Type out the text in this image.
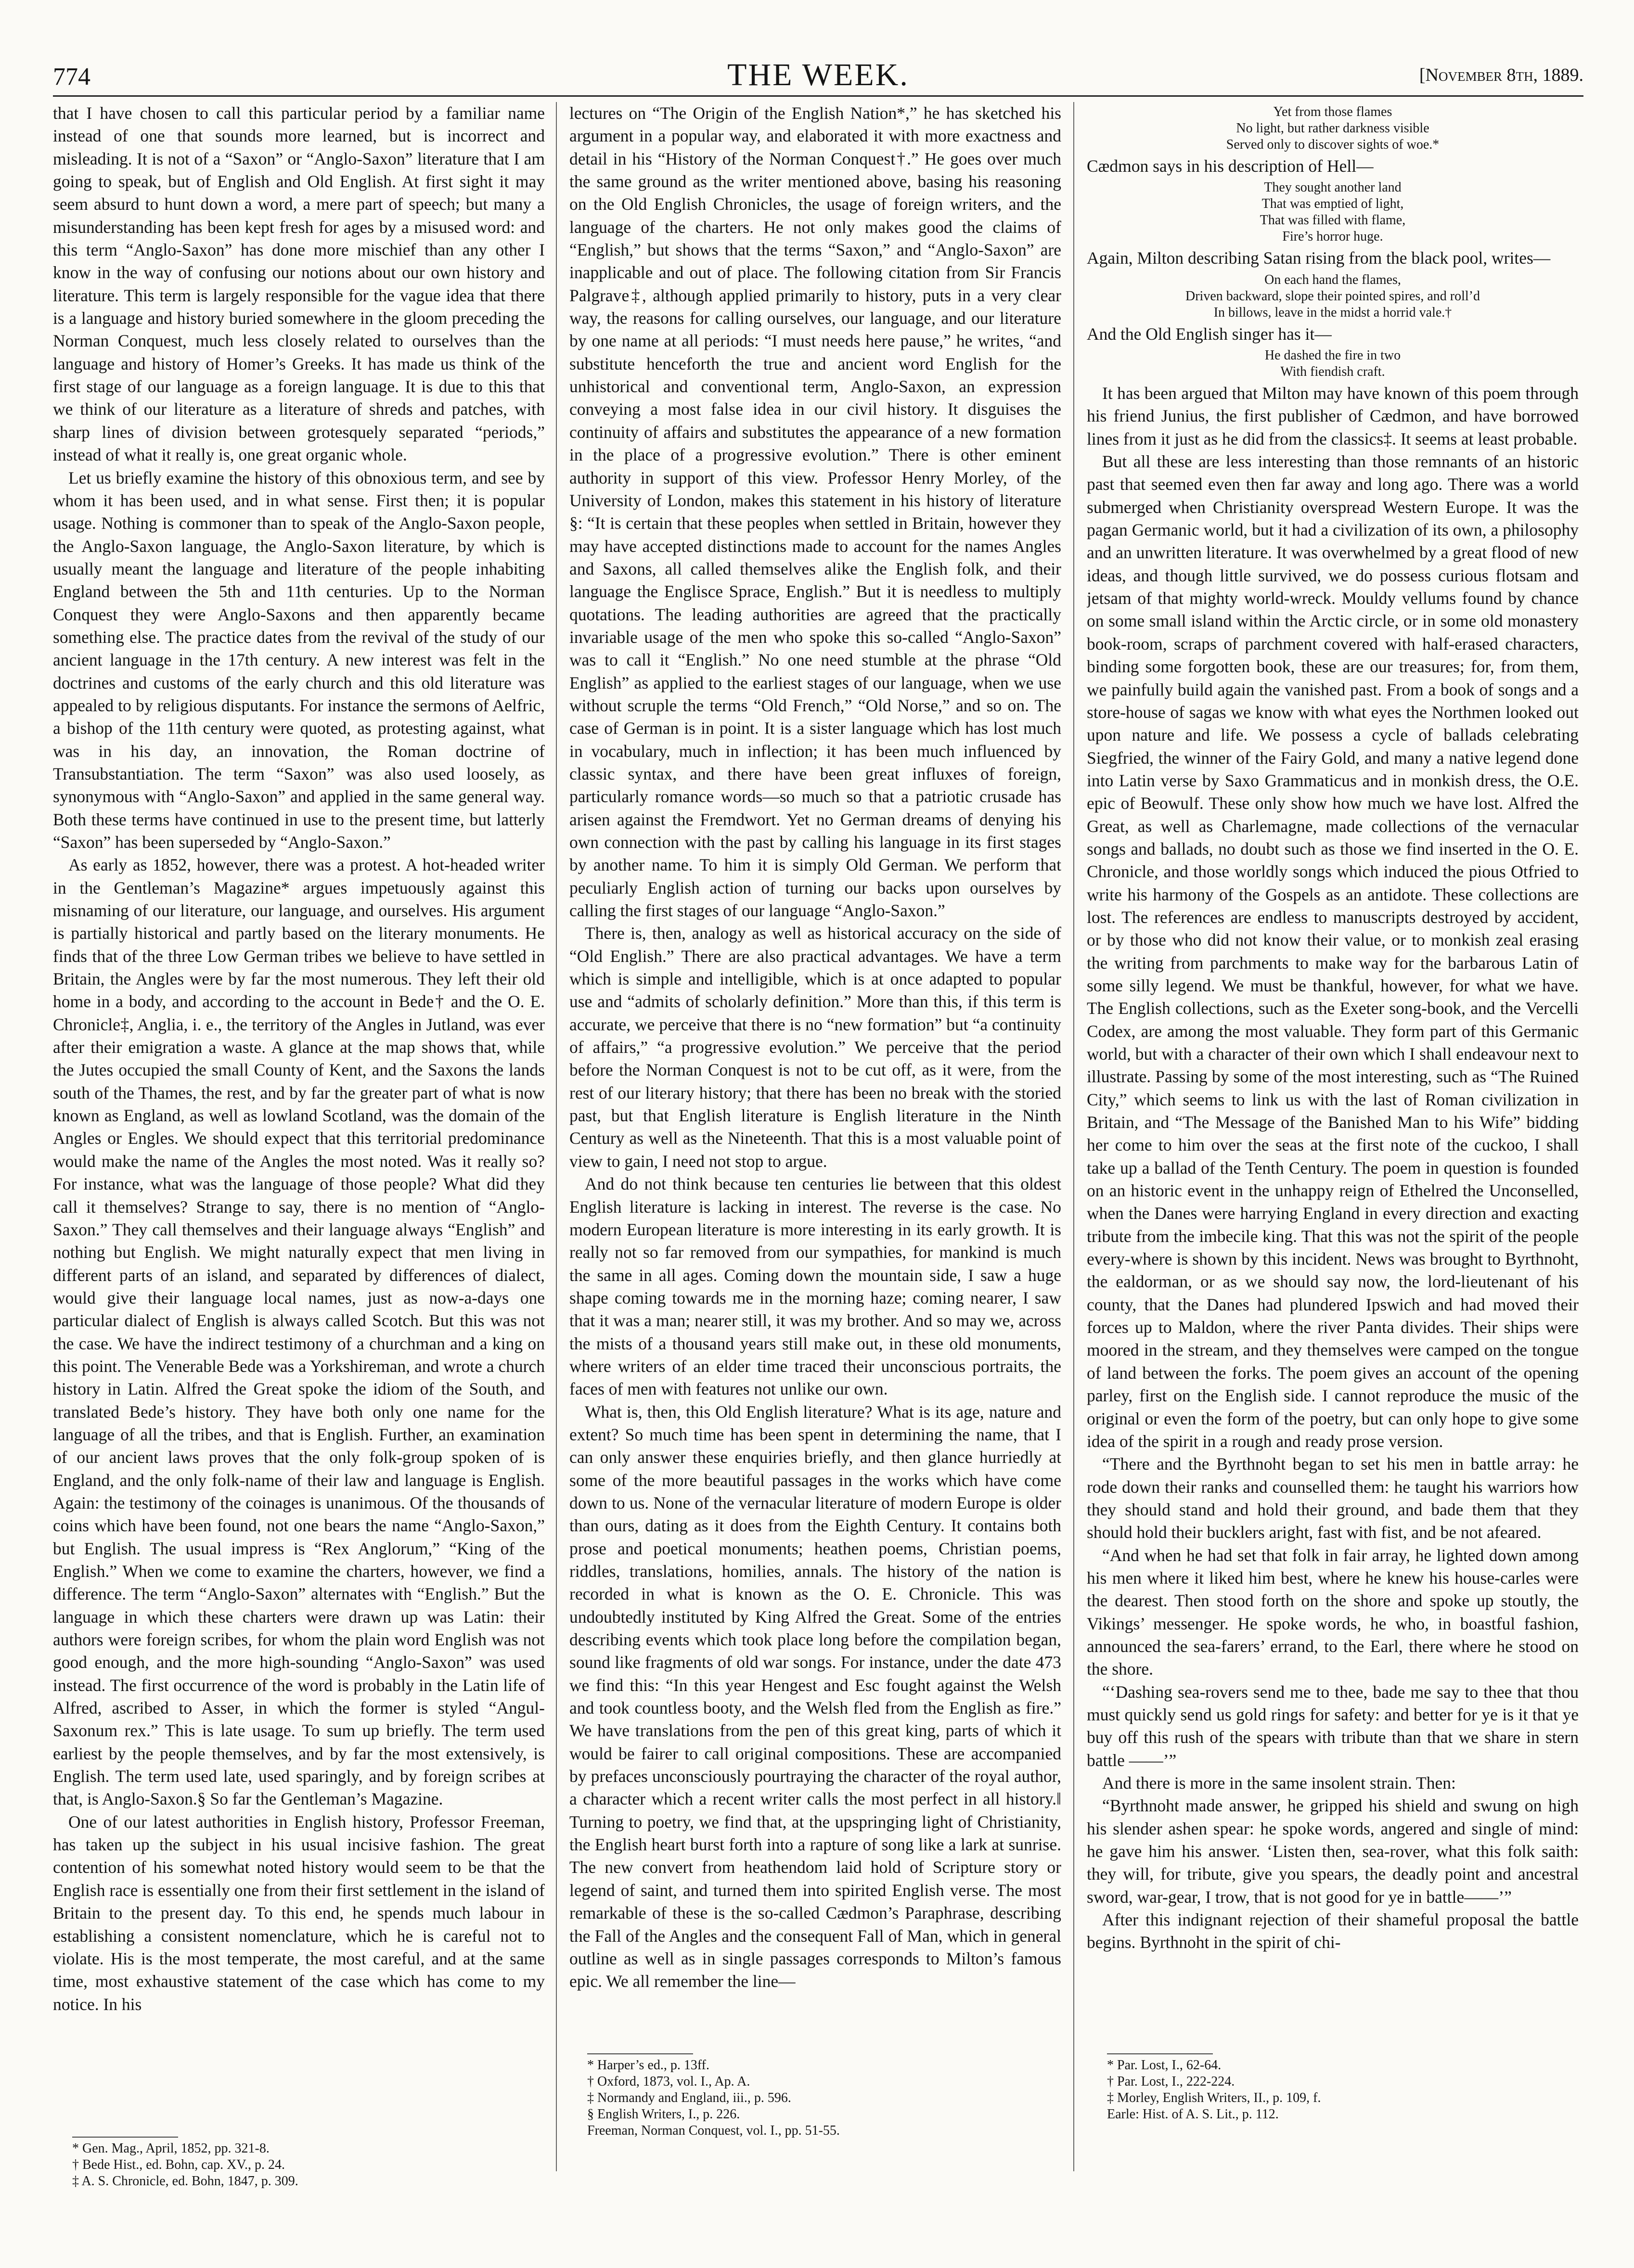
774	THE WEEK.	[November 8th, 1889.

that I have chosen to call this particular period by a familiar name instead of one that sounds more learned, but is incorrect and misleading. It is not of a “Saxon” or “Anglo-Saxon” literature that I am going to speak, but of English and Old English. At first sight it may seem absurd to hunt down a word, a mere part of speech; but many a misunderstanding has been kept fresh for ages by a misused word: and this term “Anglo-Saxon” has done more mischief than any other I know in the way of confusing our notions about our own history and literature. This term is largely responsible for the vague idea that there is a language and history buried somewhere in the gloom preceding the Norman Conquest, much less closely related to ourselves than the language and history of Homer’s Greeks. It has made us think of the first stage of our language as a foreign language. It is due to this that we think of our literature as a literature of shreds and patches, with sharp lines of division between grotesquely separated “periods,” instead of what it really is, one great organic whole.

Let us briefly examine the history of this obnoxious term, and see by whom it has been used, and in what sense. First then; it is popular usage. Nothing is commoner than to speak of the Anglo-Saxon people, the Anglo-Saxon language, the Anglo-Saxon literature, by which is usually meant the language and literature of the people inhabiting England between the 5th and 11th centuries. Up to the Norman Conquest they were Anglo-Saxons and then apparently became something else. The practice dates from the revival of the study of our ancient language in the 17th century. A new interest was felt in the doctrines and customs of the early church and this old literature was appealed to by religious disputants. For instance the sermons of Aelfric, a bishop of the 11th century were quoted, as protesting against, what was in his day, an innovation, the Roman doctrine of Transubstantiation. The term “Saxon” was also used loosely, as synonymous with “Anglo-Saxon” and applied in the same general way. Both these terms have continued in use to the present time, but latterly “Saxon” has been superseded by “Anglo-Saxon.”

As early as 1852, however, there was a protest. A hot-headed writer in the Gentleman’s Magazine* argues impetuously against this misnaming of our literature, our language, and ourselves. His argument is partially historical and partly based on the literary monuments. He finds that of the three Low German tribes we believe to have settled in Britain, the Angles were by far the most numerous. They left their old home in a body, and according to the account in Bede† and the O. E. Chronicle‡, Anglia, i. e., the territory of the Angles in Jutland, was ever after their emigration a waste. A glance at the map shows that, while the Jutes occupied the small County of Kent, and the Saxons the lands south of the Thames, the rest, and by far the greater part of what is now known as England, as well as lowland Scotland, was the domain of the Angles or Engles. We should expect that this territorial predominance would make the name of the Angles the most noted. Was it really so? For instance, what was the language of those people? What did they call it themselves? Strange to say, there is no mention of “Anglo-Saxon.” They call themselves and their language always “English” and nothing but English. We might naturally expect that men living in different parts of an island, and separated by differences of dialect, would give their language local names, just as now-a-days one particular dialect of English is always called Scotch. But this was not the case. We have the indirect testimony of a churchman and a king on this point. The Venerable Bede was a Yorkshireman, and wrote a church history in Latin. Alfred the Great spoke the idiom of the South, and translated Bede’s history. They have both only one name for the language of all the tribes, and that is English. Further, an examination of our ancient laws proves that the only folk-group spoken of is England, and the only folk-name of their law and language is English. Again: the testimony of the coinages is unanimous. Of the thousands of coins which have been found, not one bears the name “Anglo-Saxon,” but English. The usual impress is “Rex Anglorum,” “King of the English.” When we come to examine the charters, however, we find a difference. The term “Anglo-Saxon” alternates with “English.” But the language in which these charters were drawn up was Latin: their authors were foreign scribes, for whom the plain word English was not good enough, and the more high-sounding “Anglo-Saxon” was used instead. The first occurrence of the word is probably in the Latin life of Alfred, ascribed to Asser, in which the former is styled “Angul-Saxonum rex.” This is late usage. To sum up briefly. The term used earliest by the people themselves, and by far the most extensively, is English. The term used late, used sparingly, and by foreign scribes at that, is Anglo-Saxon.§ So far the Gentleman’s Magazine.

One of our latest authorities in English history, Professor Freeman, has taken up the subject in his usual incisive fashion. The great contention of his somewhat noted history would seem to be that the English race is essentially one from their first settlement in the island of Britain to the present day. To this end, he spends much labour in establishing a consistent nomenclature, which he is careful not to violate. His is the most temperate, the most careful, and at the same time, most exhaustive statement of the case which has come to my notice. In his

lectures on “The Origin of the English Nation*,” he has sketched his argument in a popular way, and elaborated it with more exactness and detail in his “History of the Norman Conquest†.” He goes over much the same ground as the writer mentioned above, basing his reasoning on the Old English Chronicles, the usage of foreign writers, and the language of the charters. He not only makes good the claims of “English,” but shows that the terms “Saxon,” and “Anglo-Saxon” are inapplicable and out of place. The following citation from Sir Francis Palgrave‡, although applied primarily to history, puts in a very clear way, the reasons for calling ourselves, our language, and our literature by one name at all periods: “I must needs here pause,” he writes, “and substitute henceforth the true and ancient word English for the unhistorical and conventional term, Anglo-Saxon, an expression conveying a most false idea in our civil history. It disguises the continuity of affairs and substitutes the appearance of a new formation in the place of a progressive evolution.” There is other eminent authority in support of this view. Professor Henry Morley, of the University of London, makes this statement in his history of literature §: “It is certain that these peoples when settled in Britain, however they may have accepted distinctions made to account for the names Angles and Saxons, all called themselves alike the English folk, and their language the Englisce Sprace, English.” But it is needless to multiply quotations. The leading authorities are agreed that the practically invariable usage of the men who spoke this so-called “Anglo-Saxon” was to call it “English.” No one need stumble at the phrase “Old English” as applied to the earliest stages of our language, when we use without scruple the terms “Old French,” “Old Norse,” and so on. The case of German is in point. It is a sister language which has lost much in vocabulary, much in inflection; it has been much influenced by classic syntax, and there have been great influxes of foreign, particularly romance words—so much so that a patriotic crusade has arisen against the Fremdwort. Yet no German dreams of denying his own connection with the past by calling his language in its first stages by another name. To him it is simply Old German. We perform that peculiarly English action of turning our backs upon ourselves by calling the first stages of our language “Anglo-Saxon.”

There is, then, analogy as well as historical accuracy on the side of “Old English.” There are also practical advantages. We have a term which is simple and intelligible, which is at once adapted to popular use and “admits of scholarly definition.” More than this, if this term is accurate, we perceive that there is no “new formation” but “a continuity of affairs,” “a progressive evolution.” We perceive that the period before the Norman Conquest is not to be cut off, as it were, from the rest of our literary history; that there has been no break with the storied past, but that English literature is English literature in the Ninth Century as well as the Nineteenth. That this is a most valuable point of view to gain, I need not stop to argue.

And do not think because ten centuries lie between that this oldest English literature is lacking in interest. The reverse is the case. No modern European literature is more interesting in its early growth. It is really not so far removed from our sympathies, for mankind is much the same in all ages. Coming down the mountain side, I saw a huge shape coming towards me in the morning haze; coming nearer, I saw that it was a man; nearer still, it was my brother. And so may we, across the mists of a thousand years still make out, in these old monuments, where writers of an elder time traced their unconscious portraits, the faces of men with features not unlike our own.

What is, then, this Old English literature? What is its age, nature and extent? So much time has been spent in determining the name, that I can only answer these enquiries briefly, and then glance hurriedly at some of the more beautiful passages in the works which have come down to us. None of the vernacular literature of modern Europe is older than ours, dating as it does from the Eighth Century. It contains both prose and poetical monuments; heathen poems, Christian poems, riddles, translations, homilies, annals. The history of the nation is recorded in what is known as the O. E. Chronicle. This was undoubtedly instituted by King Alfred the Great. Some of the entries describing events which took place long before the compilation began, sound like fragments of old war songs. For instance, under the date 473 we find this: “In this year Hengest and Esc fought against the Welsh and took countless booty, and the Welsh fled from the English as fire.” We have translations from the pen of this great king, parts of which it would be fairer to call original compositions. These are accompanied by prefaces unconsciously pourtraying the character of the royal author, a character which a recent writer calls the most perfect in all history.‖ Turning to poetry, we find that, at the upspringing light of Christianity, the English heart burst forth into a rapture of song like a lark at sunrise. The new convert from heathendom laid hold of Scripture story or legend of saint, and turned them into spirited English verse. The most remarkable of these is the so-called Cædmon’s Paraphrase, describing the Fall of the Angles and the consequent Fall of Man, which in general outline as well as in single passages corresponds to Milton’s famous epic. We all remember the line—

Yet from those flames
No light, but rather darkness visible
Served only to discover sights of woe.*

Cædmon says in his description of Hell—

They sought another land
That was emptied of light,
That was filled with flame,
Fire’s horror huge.

Again, Milton describing Satan rising from the black pool, writes—

On each hand the flames,
Driven backward, slope their pointed spires, and roll’d
In billows, leave in the midst a horrid vale.†

And the Old English singer has it—

He dashed the fire in two
With fiendish craft.

It has been argued that Milton may have known of this poem through his friend Junius, the first publisher of Cædmon, and have borrowed lines from it just as he did from the classics‡. It seems at least probable.

But all these are less interesting than those remnants of an historic past that seemed even then far away and long ago. There was a world submerged when Christianity overspread Western Europe. It was the pagan Germanic world, but it had a civilization of its own, a philosophy and an unwritten literature. It was overwhelmed by a great flood of new ideas, and though little survived, we do possess curious flotsam and jetsam of that mighty world-wreck. Mouldy vellums found by chance on some small island within the Arctic circle, or in some old monastery book-room, scraps of parchment covered with half-erased characters, binding some forgotten book, these are our treasures; for, from them, we painfully build again the vanished past. From a book of songs and a store-house of sagas we know with what eyes the Northmen looked out upon nature and life. We possess a cycle of ballads celebrating Siegfried, the winner of the Fairy Gold, and many a native legend done into Latin verse by Saxo Grammaticus and in monkish dress, the O.E. epic of Beowulf. These only show how much we have lost. Alfred the Great, as well as Charlemagne, made collections of the vernacular songs and ballads, no doubt such as those we find inserted in the O. E. Chronicle, and those worldly songs which induced the pious Otfried to write his harmony of the Gospels as an antidote. These collections are lost. The references are endless to manuscripts destroyed by accident, or by those who did not know their value, or to monkish zeal erasing the writing from parchments to make way for the barbarous Latin of some silly legend. We must be thankful, however, for what we have. The English collections, such as the Exeter song-book, and the Vercelli Codex, are among the most valuable. They form part of this Germanic world, but with a character of their own which I shall endeavour next to illustrate. Passing by some of the most interesting, such as “The Ruined City,” which seems to link us with the last of Roman civilization in Britain, and “The Message of the Banished Man to his Wife” bidding her come to him over the seas at the first note of the cuckoo, I shall take up a ballad of the Tenth Century. The poem in question is founded on an historic event in the unhappy reign of Ethelred the Unconselled, when the Danes were harrying England in every direction and exacting tribute from the imbecile king. That this was not the spirit of the people every-where is shown by this incident. News was brought to Byrthnoht, the ealdorman, or as we should say now, the lord-lieutenant of his county, that the Danes had plundered Ipswich and had moved their forces up to Maldon, where the river Panta divides. Their ships were moored in the stream, and they themselves were camped on the tongue of land between the forks. The poem gives an account of the opening parley, first on the English side. I cannot reproduce the music of the original or even the form of the poetry, but can only hope to give some idea of the spirit in a rough and ready prose version.

“There and the Byrthnoht began to set his men in battle array: he rode down their ranks and counselled them: he taught his warriors how they should stand and hold their ground, and bade them that they should hold their bucklers aright, fast with fist, and be not afeared.

“And when he had set that folk in fair array, he lighted down among his men where it liked him best, where he knew his house-carles were the dearest. Then stood forth on the shore and spoke up stoutly, the Vikings’ messenger. He spoke words, he who, in boastful fashion, announced the sea-farers’ errand, to the Earl, there where he stood on the shore.

“‘Dashing sea-rovers send me to thee, bade me say to thee that thou must quickly send us gold rings for safety: and better for ye is it that ye buy off this rush of the spears with tribute than that we share in stern battle ——’”

And there is more in the same insolent strain. Then:

“Byrthnoht made answer, he gripped his shield and swung on high his slender ashen spear: he spoke words, angered and single of mind: he gave him his answer. ‘Listen then, sea-rover, what this folk saith: they will, for tribute, give you spears, the deadly point and ancestral sword, war-gear, I trow, that is not good for ye in battle——’”

After this indignant rejection of their shameful proposal the battle begins. Byrthnoht in the spirit of chi-

* Gen. Mag., April, 1852, pp. 321-8.
† Bede Hist., ed. Bohn, cap. XV., p. 24.
‡ A. S. Chronicle, ed. Bohn, 1847, p. 309.
* Harper’s ed., p. 13ff.
† Oxford, 1873, vol. I., Ap. A.
‡ Normandy and England, iii., p. 596.
§ English Writers, I., p. 226.
Freeman, Norman Conquest, vol. I., pp. 51-55.
* Par. Lost, I., 62-64.
† Par. Lost, I., 222-224.
‡ Morley, English Writers, II., p. 109, f.
Earle: Hist. of A. S. Lit., p. 112.
